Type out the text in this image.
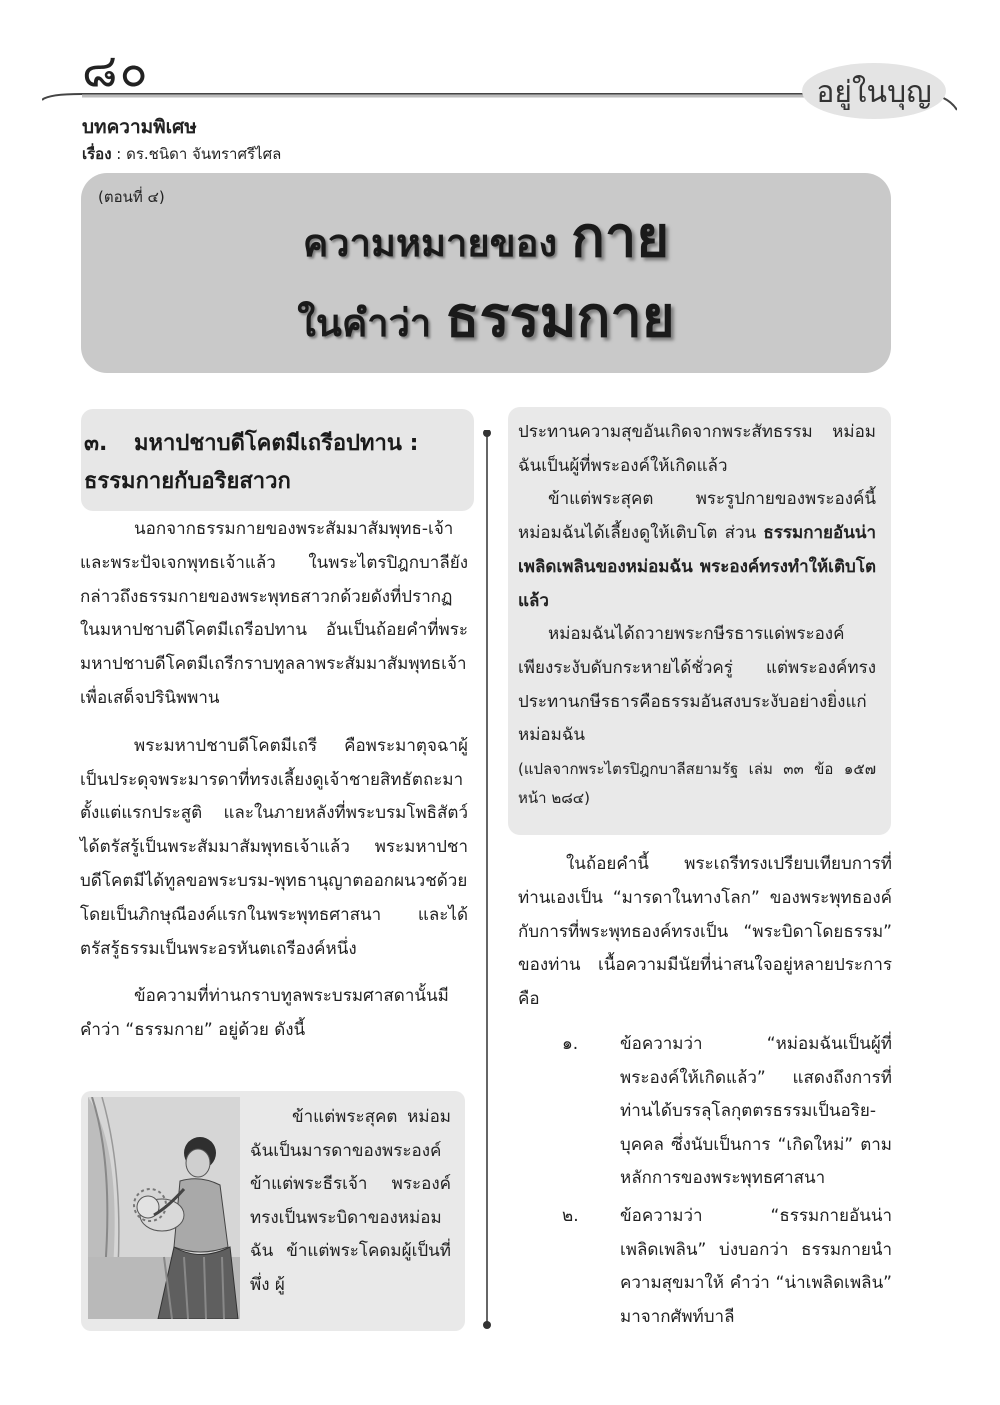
๘๐	อยู่ในบุญ
บทความพิเศษ
เรื่อง : ดร.ชนิดา จันทราศรีไศล
(ตอนที่ ๔)
ความหมายของ กาย
ในคำว่า ธรรมกาย
๓. มหาปชาบดีโคตมีเถรีอปทาน :
ธรรมกายกับอริยสาวก

นอกจากธรรมกายของพระสัมมาสัมพุทธ-เจ้าและพระปัจเจกพุทธเจ้าแล้ว ในพระไตรปิฎกบาลียังกล่าวถึงธรรมกายของพระพุทธสาวกด้วยดังที่ปรากฏในมหาปชาบดีโคตมีเถรีอปทาน อันเป็นถ้อยคำที่พระมหาปชาบดีโคตมีเถรีกราบทูลลาพระสัมมาสัมพุทธเจ้าเพื่อเสด็จปรินิพพาน

พระมหาปชาบดีโคตมีเถรี คือพระมาตุจฉาผู้เป็นประดุจพระมารดาที่ทรงเลี้ยงดูเจ้าชายสิทธัตถะมาตั้งแต่แรกประสูติ และในภายหลังที่พระบรมโพธิสัตว์ได้ตรัสรู้เป็นพระสัมมาสัมพุทธเจ้าแล้ว พระมหาปชาบดีโคตมีได้ทูลขอพระบรม-พุทธานุญาตออกผนวชด้วย โดยเป็นภิกษุณีองค์แรกในพระพุทธศาสนา และได้ตรัสรู้ธรรมเป็นพระอรหันตเถรีองค์หนึ่ง

ข้อความที่ท่านกราบทูลพระบรมศาสดานั้นมีคำว่า “ธรรมกาย” อยู่ด้วย ดังนี้

ข้าแต่พระสุคต หม่อมฉันเป็นมารดาของพระองค์ ข้าแต่พระธีรเจ้า พระองค์ทรงเป็นพระบิดาของหม่อมฉัน ข้าแต่พระโคดมผู้เป็นที่พึ่ง ผู้

ประทานความสุขอันเกิดจากพระสัทธรรม หม่อมฉันเป็นผู้ที่พระองค์ให้เกิดแล้ว

ข้าแต่พระสุคต พระรูปกายของพระองค์นี้ หม่อมฉันได้เลี้ยงดูให้เติบโต ส่วน ธรรมกายอันน่าเพลิดเพลินของหม่อมฉัน พระองค์ทรงทำให้เติบโตแล้ว

หม่อมฉันได้ถวายพระกษีรธารแด่พระองค์เพียงระงับดับกระหายได้ชั่วครู่ แต่พระองค์ทรงประทานกษีรธารคือธรรมอันสงบระงับอย่างยิ่งแก่หม่อมฉัน

(แปลจากพระไตรปิฎกบาลีสยามรัฐ เล่ม ๓๓ ข้อ ๑๕๗ หน้า ๒๘๔)

ในถ้อยคำนี้ พระเถรีทรงเปรียบเทียบการที่ท่านเองเป็น “มารดาในทางโลก” ของพระพุทธองค์กับการที่พระพุทธองค์ทรงเป็น “พระบิดาโดยธรรม” ของท่าน เนื้อความมีนัยที่น่าสนใจอยู่หลายประการ คือ

๑. ข้อความว่า “หม่อมฉันเป็นผู้ที่พระองค์ให้เกิดแล้ว” แสดงถึงการที่ท่านได้บรรลุโลกุตตรธรรมเป็นอริย-บุคคล ซึ่งนับเป็นการ “เกิดใหม่” ตามหลักการของพระพุทธศาสนา

๒. ข้อความว่า “ธรรมกายอันน่าเพลิดเพลิน” บ่งบอกว่า ธรรมกายนำความสุขมาให้ คำว่า “น่าเพลิดเพลิน” มาจากศัพท์บาลี
